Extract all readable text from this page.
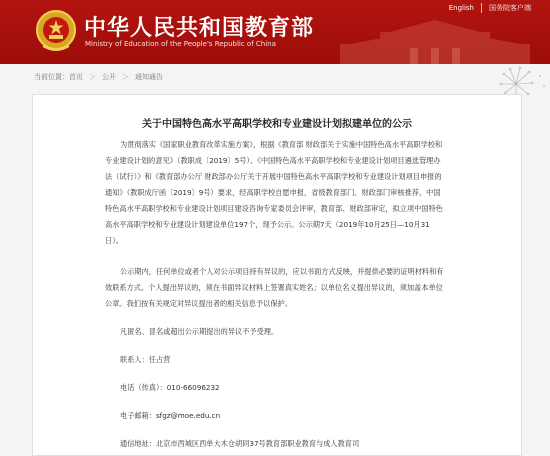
中华人民共和国教育部
Ministry of Education of the People's Republic of China
English	国务院客户端
当前位置： 首页 ＞ 公开 ＞ 通知通告
关于中国特色高水平高职学校和专业建设计划拟建单位的公示

为贯彻落实《国家职业教育改革实施方案》，根据《教育部 财政部关于实施中国特色高水平高职学校和专业建设计划的意见》（教职成〔2019〕5号）、《中国特色高水平高职学校和专业建设计划项目遴选管理办法（试行）》和《教育部办公厅 财政部办公厅关于开展中国特色高水平高职学校和专业建设计划项目申报的通知》（教职成厅函〔2019〕9号）要求，经高职学校自愿申报，省级教育部门、财政部门审核推荐，中国特色高水平高职学校和专业建设计划项目建设咨询专家委员会评审，教育部、财政部审定，拟立项中国特色高水平高职学校和专业建设计划建设单位197个，现予公示。公示期7天（2019年10月25日—10月31日）。

公示期内，任何单位或者个人对公示项目持有异议的，应以书面方式反映，并提供必要的证明材料和有效联系方式。个人提出异议的，须在书面异议材料上签署真实姓名；以单位名义提出异议的，须加盖本单位公章。我们按有关规定对异议提出者的相关信息予以保护。

凡匿名、冒名或超出公示期提出的异议不予受理。

联系人：任占营

电话（传真）：010-66096232

电子邮箱：sfgz@moe.edu.cn

通信地址：北京市西城区西单大木仓胡同37号教育部职业教育与成人教育司
